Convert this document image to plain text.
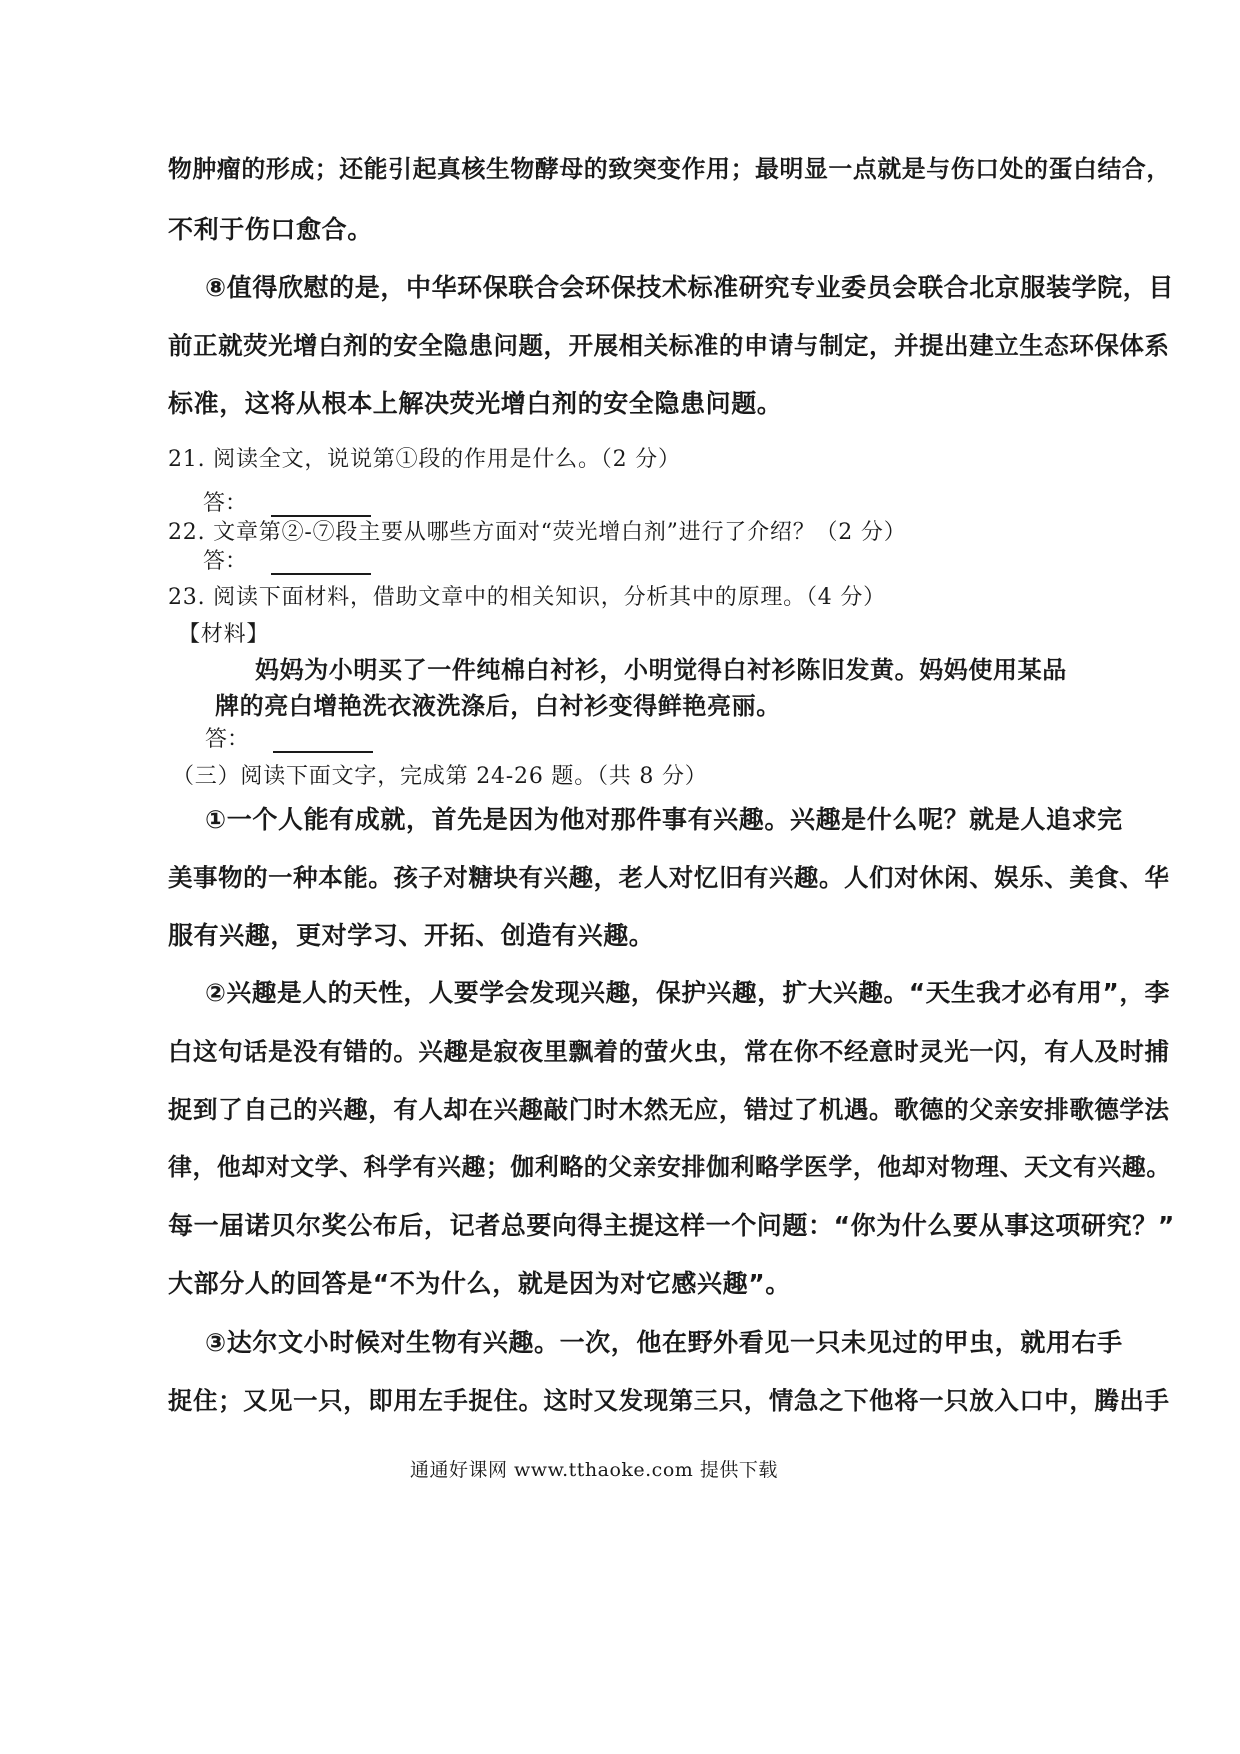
物肿瘤的形成；还能引起真核生物酵母的致突变作用；最明显一点就是与伤口处的蛋白结合，
不利于伤口愈合。
⑧值得欣慰的是，中华环保联合会环保技术标准研究专业委员会联合北京服装学院，目
前正就荧光增白剂的安全隐患问题，开展相关标准的申请与制定，并提出建立生态环保体系
标准，这将从根本上解决荧光增白剂的安全隐患问题。
21. 阅读全文，说说第①段的作用是什么。（2 分）
答：
22. 文章第②-⑦段主要从哪些方面对“荧光增白剂”进行了介绍？（2 分）
答：
23. 阅读下面材料，借助文章中的相关知识，分析其中的原理。（4 分）
【材料】
妈妈为小明买了一件纯棉白衬衫，小明觉得白衬衫陈旧发黄。妈妈使用某品
牌的亮白增艳洗衣液洗涤后，白衬衫变得鲜艳亮丽。
答：
（三）阅读下面文字，完成第 24-26 题。（共 8 分）
①一个人能有成就，首先是因为他对那件事有兴趣。兴趣是什么呢？就是人追求完
美事物的一种本能。孩子对糖块有兴趣，老人对忆旧有兴趣。人们对休闲、娱乐、美食、华
服有兴趣，更对学习、开拓、创造有兴趣。
②兴趣是人的天性，人要学会发现兴趣，保护兴趣，扩大兴趣。“天生我才必有用”，李
白这句话是没有错的。兴趣是寂夜里飘着的萤火虫，常在你不经意时灵光一闪，有人及时捕
捉到了自己的兴趣，有人却在兴趣敲门时木然无应，错过了机遇。歌德的父亲安排歌德学法
律，他却对文学、科学有兴趣；伽利略的父亲安排伽利略学医学，他却对物理、天文有兴趣。
每一届诺贝尔奖公布后，记者总要向得主提这样一个问题：“你为什么要从事这项研究？”
大部分人的回答是“不为什么，就是因为对它感兴趣”。
③达尔文小时候对生物有兴趣。一次，他在野外看见一只未见过的甲虫，就用右手
捉住；又见一只，即用左手捉住。这时又发现第三只，情急之下他将一只放入口中，腾出手
通通好课网 www.tthaoke.com 提供下载
